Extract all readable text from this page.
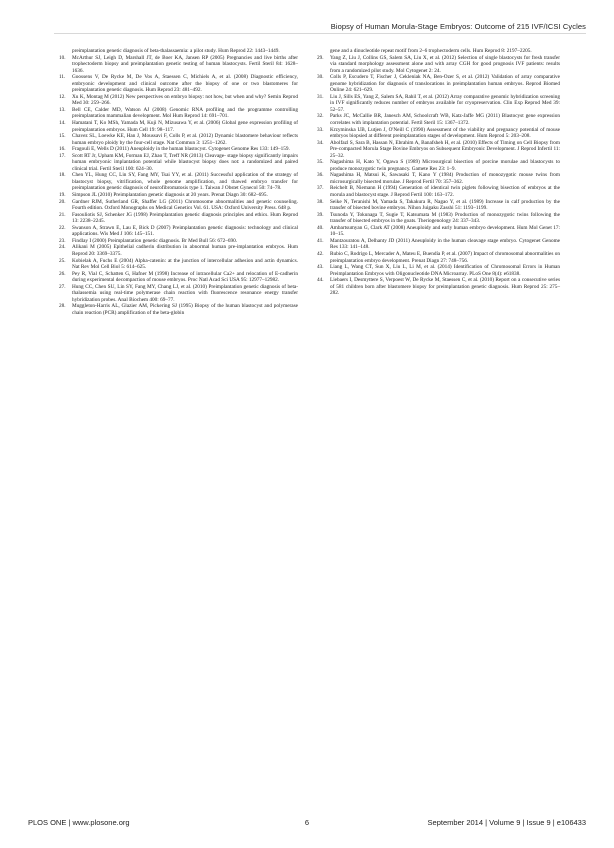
Biopsy of Human Morula-Stage Embryos: Outcome of 215 IVF/ICSI Cycles
preimplantation genetic diagnosis of beta-thalassaemia: a pilot study. Hum Reprod 22: 1443–1449.
10.	McArthur SJ, Leigh D, Marshall JT, de Boer KA, Jansen RP (2005) Pregnancies and live births after trophectoderm biopsy and preimplantation genetic testing of human blastocysts. Fertil Steril 84: 1628–1636.
11.	Goossens V, De Rycke M, De Vos A, Staessen C, Michiels A, et al. (2008) Diagnostic efficiency, embryonic development and clinical outcome after the biopsy of one or two blastomeres for preimplantation genetic diagnosis. Hum Reprod 23: 481–492.
12.	Xu K, Montag M (2012) New perspectives on embryo biopsy: not how, but when and why? Semin Reprod Med 30: 259–266.
13.	Bell CE, Calder MD, Watson AJ (2008) Genomic RNA profiling and the programme controlling preimplantation mammalian development. Mol Hum Reprod 14: 691–701.
14.	Hamatani T, Ko MSh, Yamada M, Kuji N, Mizusawa Y, et al. (2006) Global gene expression profiling of preimplantation embryos. Hum Cell 19: 98–117.
15.	Chavez SL, Loewke KE, Han J, Moussavi F, Colls P, et al. (2012) Dynamic blastomere behaviour reflects human embryo ploidy by the four-cell stage. Nat Commun 3: 1251–1262.
16.	Fragouli E, Wells D (2011) Aneuploidy in the human blastocyst. Cytogenet Genome Res 133: 149–159.
17.	Scott RT Jr, Upham KM, Forman EJ, Zhao T, Treff NR (2013) Cleavage- stage biopsy significantly impairs human embryonic implantation potential while blastocyst biopsy does not: a randomized and paired clinical trial. Fertil Steril 100: 624–30.
18.	Chen YL, Hung CC, Lin SY, Fang MY, Tsai YY, et al. (2011) Successful application of the strategy of blastocyst biopsy, vitrification, whole genome amplification, and thawed embryo transfer for preimplantation genetic diagnosis of neurofibromatosis type 1. Taiwan J Obstet Gynecol 50: 74–78.
19.	Simpson JL (2010) Preimplantation genetic diagnosis at 20 years. Prenat Diagn 30: 682–695.
20.	Gardner RJM, Sutherland GR, Shaffer LG (2011) Chromosome abnormalities and genetic counseling. Fourth edition. Oxford Monographs on Medical Genetics Vol. 61. USA: Oxford University Press. 648 p.
21.	Fasouliotis SJ, Schenker JG (1998) Preimplantation genetic diagnosis principles and ethics. Hum Reprod 13: 2238–2245.
22.	Swanson A, Strawn E, Lau E, Bick D (2007) Preimplantation genetic diagnosis: technology and clinical applications. Wis Med J 106: 145–151.
23.	Findlay I (2000) Preimplantation genetic diagnosis. Br Med Bull 56: 672–690.
24.	Alikani M (2005) Epithelial cadherin distribution in abnormal human pre-implantation embryos. Hum Reprod 20: 3369–3375.
25.	Kobielak A, Fuchs E (2004) Alpha-catenin: at the junction of intercellular adhesion and actin dynamics. Nat Rev Mol Cell Biol 5: 614–625.
26.	Pey R, Vial C, Schatten G, Hafner M (1998) Increase of intracellular Ca2+ and relocation of E-cadherin during experimental decompaction of mouse embryos. Proc Natl Acad Sci USA 95: 12977–12982.
27.	Hung CC, Chen SU, Lin SY, Fang MY, Chang LJ, et al. (2010) Preimplantation genetic diagnosis of beta-thalassemia using real-time polymerase chain reaction with fluorescence resonance energy transfer hybridization probes. Anal Biochem 400: 69–77.
28.	Muggleton-Harris AL, Glazier AM, Pickering SJ (1995) Biopsy of the human blastocyst and polymerase chain reaction (PCR) amplification of the beta-globin
gene and a dinucleotide repeat motif from 2–6 trophectoderm cells. Hum Reprod 8: 2197–2205.
29.	Yang Z, Liu J, Collins GS, Salem SA, Liu X, et al. (2012) Selection of single blastocysts for fresh transfer via standard morphology assessment alone and with array CGH for good prognosis IVF patients: results from a randomized pilot study. Mol Cytogenet 2: 24.
30.	Colls P, Escudero T, Fischer J, Cekleniak NA, Ben-Ozer S, et al. (2012) Validation of array comparative genome hybridization for diagnosis of translocations in preimplantation human embryos. Reprod Biomed Online 24: 621–629.
31.	Liu J, Sills ES, Yang Z, Salem SA, Rahil T, et al. (2012) Array comparative genomic hybridization screening in IVF significantly reduces number of embryos available for cryopreservation. Clin Exp Reprod Med 39: 52–57.
32.	Parks JC, McCallie BR, Janesch AM, Schoolcraft WB, Katz-Jaffe MG (2011) Blastocyst gene expression correlates with implantation potential. Fertil Steril 15: 1367–1372.
33.	Krzyminska UB, Lutjen J, O'Neill C (1990) Assessment of the viability and pregnancy potential of mouse embryos biopsied at different preimplantation stages of development. Hum Reprod 5: 203–208.
34.	Abolfazl S, Sara B, Hassan N, Ebrahim A, Banafsheh H, et al. (2010) Effects of Timing on Cell Biopsy from Pre-compacted Morula Stage Bovine Embryos on Subsequent Embryonic Development. J Reprod Infertil 11: 25–32.
35.	Nagashima H, Kato Y, Ogawa S (1989) Microsurgical bisection of porcine morulae and blastocysts to produce monozygotic twin pregnancy. Gamete Res 23: 1–9.
36.	Nagashima H, Matsui K, Sawasaki T, Kano Y (1984) Production of monozygotic mouse twins from microsurgically bisected morulae. J Reprod Fertil 70: 357–362.
37.	Reichelt B, Niemann H (1994) Generation of identical twin piglets following bisection of embryos at the morula and blastocyst stage. J Reprod Fertil 100: 163–172.
38.	Seike N, Teranishi M, Yamada S, Takakura R, Nagao Y, et al. (1989) Increase in calf production by the transfer of bisected bovine embryos. Nihon Juigaku Zasshi 51: 1193–1199.
39.	Tsunoda Y, Tokunaga T, Sugie T, Katsumata M (1983) Production of monozygotic twins following the transfer of bisected embryos in the goats. Theriogenology 24: 337–343.
40.	Ambartsumyan G, Clark AT (2008) Aneuploidy and early human embryo development. Hum Mol Genet 17: 10–15.
41.	Mantzouratou A, Delhanty JD (2011) Aneuploidy in the human cleavage stage embryo. Cytogenet Genome Res 133: 141–148.
42.	Rubio C, Rodrigo L, Mercader A, Mateu E, Buendía P, et al. (2007) Impact of chromosomal abnormalities on preimplantation embryo development. Prenat Diagn 27: 748–756.
43.	Liang L, Wang CT, Sun X, Liu L, Li M, et al. (2014) Identification of Chromosomal Errors in Human Preimplantation Embryos with Oligonucleotide DNA Microarray. PLoS One 8(4): e61838.
44.	Liebaers I, Desmyttere S, Verpoest W, De Rycke M, Staessen C, et al. (2010) Report on a consecutive series of 581 children born after blastomere biopsy for preimplantation genetic diagnosis. Hum Reprod 25: 275–282.
PLOS ONE | www.plosone.org	6	September 2014 | Volume 9 | Issue 9 | e106433
